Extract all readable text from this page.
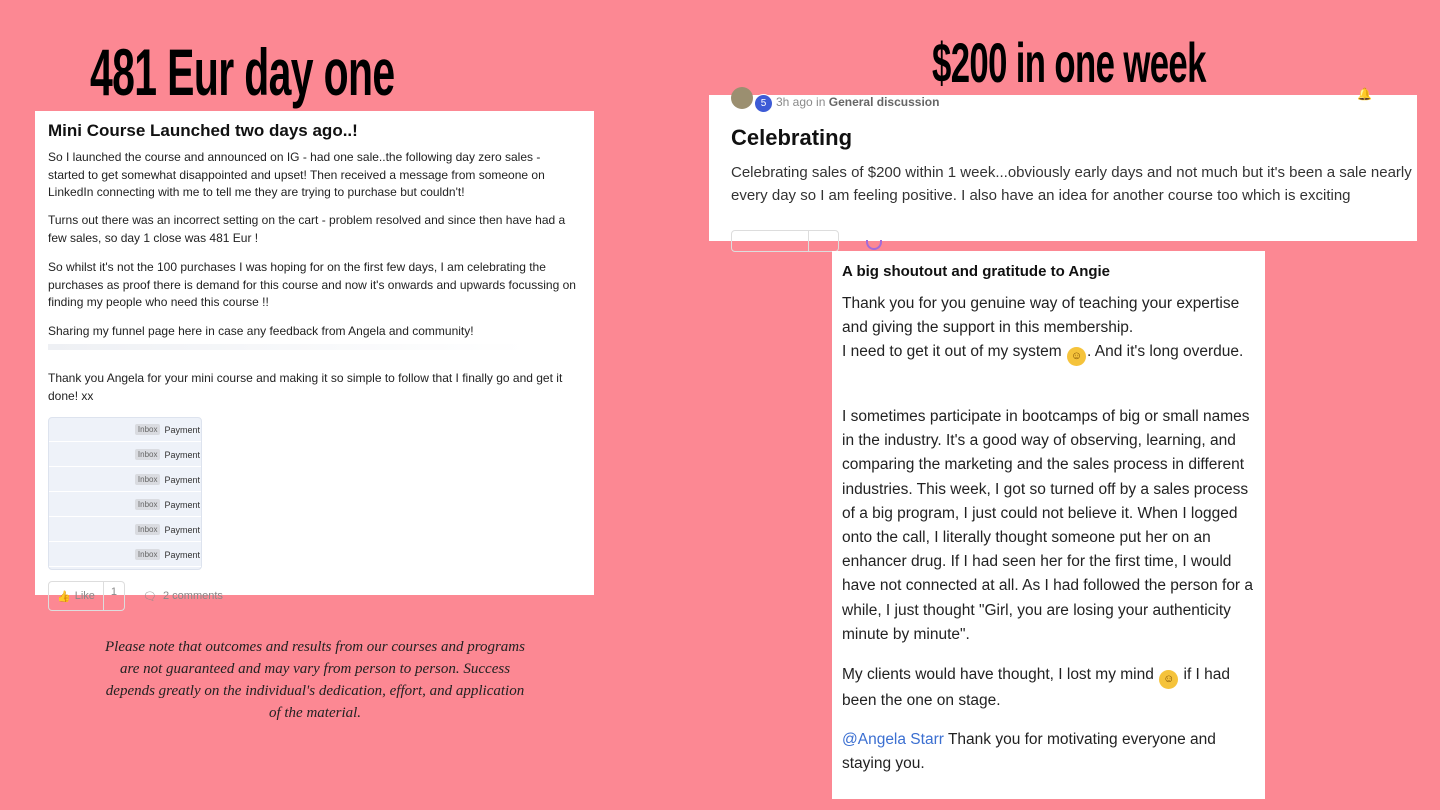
481 Eur day one	$200 in one week
Mini Course Launched two days ago..!

So I launched the course and announced on IG - had one sale..the following day zero sales - started to get somewhat disappointed and upset! Then received a message from someone on LinkedIn connecting with me to tell me they are trying to purchase but couldn't!

Turns out there was an incorrect setting on the cart - problem resolved and since then have had a few sales, so day 1 close was 481 Eur !

So whilst it's not the 100 purchases I was hoping for on the first few days, I am celebrating the purchases as proof there is demand for this course and now it's onwards and upwards focussing on finding my people who need this course !!

Sharing my funnel page here in case any feedback from Angela and community!

Thank you Angela for your mini course and making it so simple to follow that I finally go and get it done! xx

Inbox Payment
Inbox Payment
Inbox Payment
Inbox Payment
Inbox Payment
Inbox Payment
👍 Like	1	🗨 2 comments

Please note that outcomes and results from our courses and programs are not guaranteed and may vary from person to person. Success depends greatly on the individual's dedication, effort, and application of the material.

5 3h ago in General discussion
🔔
Celebrating

Celebrating sales of $200 within 1 week...obviously early days and not much but it's been a sale nearly every day so I am feeling positive. I also have an idea for another course too which is exciting

A big shoutout and gratitude to Angie

Thank you for you genuine way of teaching your expertise and giving the support in this membership.
I need to get it out of my system ☺ . And it's long overdue.

I sometimes participate in bootcamps of big or small names in the industry. It's a good way of observing, learning, and comparing the marketing and the sales process in different industries. This week, I got so turned off by a sales process of a big program, I just could not believe it. When I logged onto the call, I literally thought someone put her on an enhancer drug. If I had seen her for the first time, I would have not connected at all. As I had followed the person for a while, I just thought "Girl, you are losing your authenticity minute by minute".

My clients would have thought, I lost my mind ☺ if I had been the one on stage.

@Angela Starr Thank you for motivating everyone and staying you.
